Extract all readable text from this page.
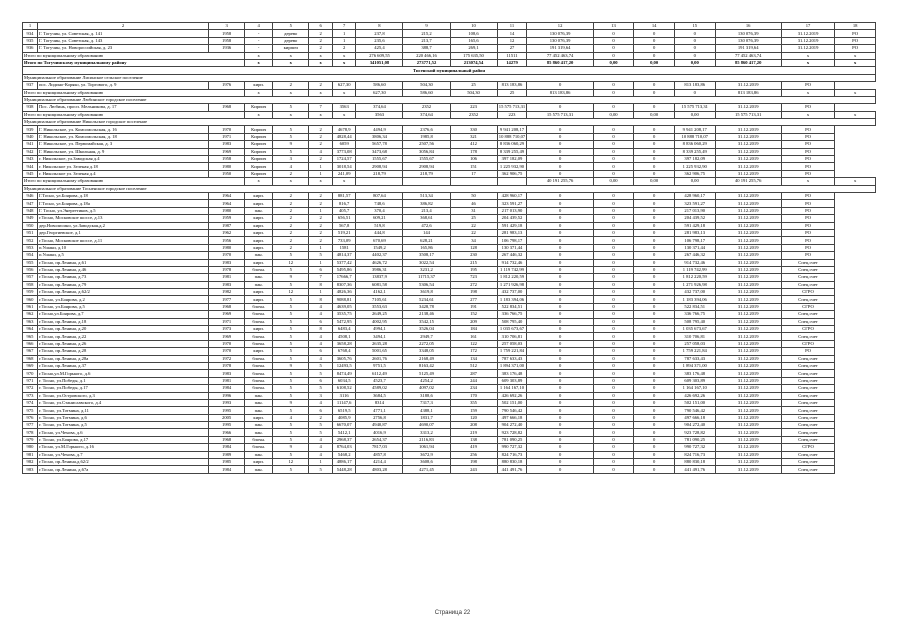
1	2	3	4	5	6	7	8	9	10	11	12	13	14	15	16	17	18
934	Г. Тогучин, ул. Советская, д. 141	1958	-	дерево	2	1	237,8	215,2	108,6	14	130 076,39	0	0	0	130 076,39	31.12.2019	РО
935	Г. Тогучин, ул. Советская, д. 143	1958	-	дерево	2	1	235,6	213,7	165,6	12	130 076,39	0	0	0	130 076,39	31.12.2019	РО
936	Г. Тогучин, ул. Новороссийская, д. 23	1936	-	кирпич	2	2	425,4	388,7	269,1	27	191 319,64	0	0	0	191 319,64	31.12.2019	РО
Итого по муниципальному образованию			х	х	х	х	276 609,55	220 466,16	175 635,50	11511	77 452 463,74	0	0	0	77 452 463,74	х	х
Итого по Тогучинскому муниципальному району			х	х	х	х	341051,08	273771,52	213074,54	14279	85 860 417,20	0,00	0,00	0,00	85 860 417,20	х	х
Тисенский муниципальный район																	
Муниципальное образование Лисинское сельское поселение																	
937	пос. Лидино-Коряко, ул. Торгового, д. 9	1976	кирп.	2	2	627,30	586,60	504,30	25	813 183,86	0	0	0	813 183,86	31.12.2019	РО	
Итого по муниципальному образованию			х	х	х	х	627,30	586,60	504,30	25	813 183,86	0	0	0	813 183,86	х	х
Муниципальное образование Любинское городское поселение																	
938	Пос. Любинь, просп. Мельникова, д. 17	1968	Кирпич	5	7	3563	374,64	2352	223	15 575 713,31	0	0	0	15 575 713,31	31.12.2019	РО	
Итого по муниципальному образованию			х	х	х	х	3563	374,64	2352	223	15 575 713,31	0,00	0,00	0,00	15 575 713,31	х	х
Муниципальное образование Никольское городское поселение																	
939	Г. Никольское, ул. Комсомольская, д. 16	1970	Кирпич	5	2	4678,9	4494,9	2376,6	330	9 941 208,17	0	0	0	9 941 208,17	31.12.2019	РО	
940	Г. Никольское, ул. Комсомольская, д. 18	1971	Кирпич	5	2	4828,44	3806,34	1985,8	321	10 888 710,07	0	0	0	10 888 710,07	31.12.2019	РО	
941	Г. Никольское, ул. Первомайская, д. 3	1983	Кирпич	9	2	6059	5657,78	2507,56	412	8 836 060,29	0	0	0	8 836 060,29	31.12.2019	РО	
942	Г. Никольское, ул. Школьная, д. 9	1969	Кирпич	5	4	3773,08	3473,68	3056,84	178	8 339 255,49	0	0	0	8 339 255,49	31.12.2019	РО	
943	г. Никольское, ул.Заводская д.4	1958	Кирпич	3	2	1724,57	1555,67	1555,67	106	397 182,09	0	0	0	397 182,09	31.12.2019	РО	
944	г. Никольское ул. Зеленая д.18	1980	Кирпич	4	1	3018,54	2908,94	2908,94	151	1 225 932,90	0	0	0	1 225 932,90	31.12.2019	РО	
945	г. Никольское ул. Зеленая д.4	1950	Кирпич	2	1	241,09	218,79	218,79	17	362 906,75	0	0	0	362 906,75	31.12.2019	РО	
Итого по муниципальному образованию			х	х	х	х					40 191 255,76	0,00	0,00	0,00	40 191 255,76	х	х
Муниципальное образование Тосненское городское поселение																	
946	Г.Тосно, ул.Боярова, д.18	1964	кирп.	2	2	881,57	807,64	513,34	50	428 960,17	0	0	0	428 960,17	31.12.2019	РО	
947	Г.Тосно, ул.Боярова, д.18а	1964	кирп.	2	2	816,7	748,6	386,82	46	323 591,27	0	0	0	323 591,27	31.12.2019	РО	
948	Г. Тосно, ул.Энергетиков, д.5	1980	пан.	2	1	405,7	370,4	213,4	31	217 013,90	0	0	0	217 013,90	31.12.2019	РО	
949	г.Тосно, Московское шоссе, д.13	1959	кирп.	2	2	656,51	609,21	368,61	25	204 439,52	0	0	0	204 439,52	31.12.2019	РО	
950	дер.Новолисино, ул.Заводская,д.2	1987	кирп.	2	2	567,8	519,8	472,6	22	591 429,18	0	0	0	591 429,18	31.12.2019	РО	
951	дер.Георгиевское, д.1	1962	кирп.	2	2	519,21	444,8	144	22	281 983,13	0	0	0	281 983,13	31.12.2019	РО	
952	г.Тосно, Московское шоссе, д.11	1956	кирп.	2	2	733,09	670,69	628,21	34	106 798,17	0	0	0	106 798,17	31.12.2019	РО	
953	п.Ушаки, д.10	1980	кирп.	2	1	1581	1549,2	165,86	128	130 371,44	0	0	0	130 371,44	31.12.2019	РО	
954	п.Ушаки, д.5	1970	пан.	5	5	4814,37	4402,37	3508,17	230	267 446,32	0	0	0	267 446,32	31.12.2019	РО	
955	г.Тосно, пр.Ленина, д.61	1983	кирп.	12	1	5377,42	4626,72	3022,54	215	914 732,46	0	0	0	914 732,46	31.12.2019	Спец.счет	
956	г.Тосно, пр.Ленина, д.46	1978	блочн.	5	6	5495,86	3986,31	3231,2	195	1 119 742,99	0	0	0	1 119 742,99	31.12.2019	Спец.счет	
957	г.Тосно, пр.Ленина, д.73	1981	пан.	9	7	17666,7	13837,9	11715,37	723	1 812 220,59	0	0	0	1 812 220,59	31.12.2019	Спец.счет	
958	г.Тосно, пр.Ленина, д.79	1983	пан.	5	8	8307,36	6081,58	5306,54	272	1 271 926,98	0	0	0	1 271 926,98	31.12.2019	Спец.счет	
959	г.Тосно, пр.Ленина, д.62/2	1982	кирп.	12	1	4826,36	4162,1	3619,8	198	432 737,00	0	0	0	432 737,00	31.12.2019	СГРО	
960	г.Тосно, ул.Боярова, д.2	1977	кирп.	5	8	9088,81	7105,61	5234,61	277	1 183 394,06	0	0	0	1 183 394,06	31.12.2019	Спец.счет	
961	г.Тосно, ул.Боярова, д.5	1968	блочн.	5	4	4639,05	3553,63	3428,78	191	522 834,51	0	0	0	522 834,51	31.12.2019	СГРО	
962	г.Тосно,ул.Боярова, д.7	1969	блочн.	5	4	3535,75	2649,25	2138,46	152	336 766,75	0	0	0	336 766,75	31.12.2019	Спец.счет	
963	г.Тосно, пр.Ленина, д.18	1971	блочн.	5	6	5472,95	4002,95	3542,15	209	508 795,40	0	0	0	508 795,40	31.12.2019	Спец.счет	
964	г.Тосно, пр.Ленина, д.20	1973	кирп.	5	8	6483,4	4994,1	3526,04	184	1 035 673,67	0	0	0	1 035 673,67	31.12.2019	СГРО	
965	г.Тосно, пр.Ленина, д.22	1969	блочн.	5	4	4508,1	3494,1	2949,7	161	310 706,81	0	0	0	310 706,81	31.12.2019	Спец.счет	
966	г.Тосно, пр.Ленина, д.26	1970	блочн.	5	4	3658,28	2635,28	2272,05	122	257 058,03	0	0	0	257 058,03	31.12.2019	СГРО	
967	г.Тосно, пр.Ленина, д.28	1970	кирп.	5	6	6768,4	5001,65	3348,05	172	1 759 221,84	0	0	0	1 759 221,84	31.12.2019	РО	
968	г.Тосно, пр.Ленина, д.28а	1972	блочн.	5	4	3605,76	2601,76	2168,49	134	787 633,43	0	0	0	787 633,43	31.12.2019	Спец.счет	
969	г.Тосно, пр.Ленина, д.37	1978	блочн.	9	5	12493,5	9751,5	8163,42	512	1 894 371,00	0	0	0	1 894 371,00	31.12.2019	Спец.счет	
970	г.Тосно,ул.М.Горького, д.6	1983	блочн.	5	5	8474,49	6112,49	5125,49	287	383 176,48	0	0	0	383 176,48	31.12.2019	Спец.счет	
971	г. Тосно, ул.Победы, д.1	1981	блочн.	5	6	6034,5	4523,7	4254,2	244	609 303,89	0	0	0	609 303,89	31.12.2019	Спец.счет	
972	г. Тосно, ул.Победы, д.17	1984	блочн.	5	5	6108,52	4589,02	4097,02	234	1 164 167,10	0	0	0	1 164 167,10	31.12.2019	Спец.счет	
973	г. Тосно, ул.Островского, д.3	1996	пан.	5	3	3116	3684,5	3188,6	170	426 692,26	0	0	0	426 692,26	31.12.2019	Спец.счет	
974	г. Тосно, ул.Станиславского, д.4	1993	пан.	9	4	11147,6	8314	7317,3	355	502 151,00	0	0	0	502 151,00	31.12.2019	Спец.счет	
975	г. Тосно, ул.Тотмина, д.11	1995	пан.	5	6	6519,5	4771,1	4388,1	159	790 546,42	0	0	0	790 546,42	31.12.2019	Спец.счет	
976	г. Тосно, ул.Тотмина, д.6	2005	кирп.	4	2	4085,9	2756,8	1831,7	120	497 666,18	0	0	0	497 666,18	31.12.2019	Спец.счет	
977	г. Тосно, ул.Тотмина, д.5	1995	пан.	5	5	6670,07	4940,87	4690,07	208	904 272,40	0	0	0	904 272,40	31.12.2019	Спец.счет	
978	г.Тосно, ул.Чехова, д.6	1966	пан.	5	5	5412,1	4016,9	3313,2	219	923 728,82	0	0	0	923 728,82	31.12.2019	Спец.счет	
979	г. Тосно, ул.Боярова, д.17	1968	блочн.	5	4	2968,37	2654,37	2116,83	138	781 090,25	0	0	0	781 090,25	31.12.2019	Спец.счет	
980	г.Тосно, ул.М.Горького, д.16	1984	блочн.	9	4	8764,03	7817,03	1061,94	419	990 727,32	0	0	0	990 727,32	31.12.2019	СГРО	
981	г.Тосно, ул.Чехова, д.7	1989	пан.	5	4	5468,2	4857,8	3672,9	256	824 716,73	0	0	0	824 716,73	31.12.2019	Спец.счет	
982	г.Тосно, пр.Ленина,д.62/2	1985	кирп.	12	1	4886,17	4214,4	3608,6	198	880 830,18	0	0	0	880 830,18	31.12.2019	Спец.счет	
983	г.Тосно, пр.Ленина, д.67а	1984	пан.	5	5	5448,28	4803,28	4271,45	243	441 491,76	0	0	0	441 491,76	31.12.2019	Спец.счет	
Страница 22
